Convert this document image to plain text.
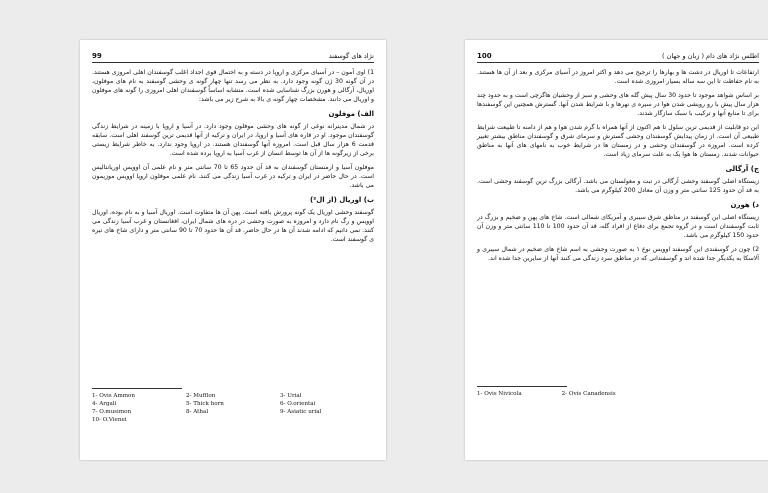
99	نژاد های گوسفند

1) اوی آمون – در آسیای مرکزی و اروپا در دسته و به احتمال قوی اجداد اغلب گوسفندان اهلی امروزی هستند. در آن گونه 30 ژن گونه وجود دارد. به نظر می رسد تنها چهار گونه ی وحشی گوسفند به نام های موفلون، اوریال، آرگالی و هورن بزرگ شناسایی شده است. متشابه اساساً گوسفندان اهلی امروزی را گونه های موفلون و اوریال می دانند. مشخصات چهار گونه ی بالا به شرح زیر می باشد:

الف) موفلون

در شمال مدیترانه نوعی از گونه های وحشی موفلون وجود دارد. در آسیا و اروپا با زمینه در شرایط زندگی گوسفندان موجود. او در قاره های آسیا و اروپا، در ایران و ترکیه از آنها قدیمی ترین گوسفند اهلی است. سابقه قدمت 6 هزار سال قبل است. امروزه آنها گوسفندان هستند. در اروپا وجود ندارد. به خاطر شرایط زیستی برخی از زیرگونه ها از آن ها توسط انسان از غرب آسیا به اروپا برده شده است.

موفلون آسیا و ارمنستان گوسفندان به قد آن حدود 65 تا 70 سانتی متر و نام علمی آن اوویس اوریانتالیس است. در حال حاضر در ایران و ترکیه در غرب آسیا زندگی می کنند. نام علمی موفلون اروپا اوویس موزیمون می باشد.

ب) اوریال (از ال²)

گوسفند وحشی اوریال یک گونه پرورش یافته است. پهن آن ها متفاوت است. اوریال آسیا و به نام بوده، اوریال اوویس و رگ نام دارد و امروزه به صورت وحشی در دره های شمال ایران، افغانستان و غرب آسیا زندگی می کنند. نمی دانیم که ادامه شدند آن ها در حال حاضر. قد آن ها حدود 70 تا 90 سانتی متر و دارای شاخ های تیره ی گوسفند است.

1- Ovis Ammon	2- Mufflon	3- Urial
4- Argali	5- Thick horn	6- O.orientai
7- O.musimon	8- Athal	9- Asiatic urial
10- O.Vienei
100	اطلس نژاد های دام ( زبان و جهان )

ارتفاعات تا اوریال در دشت ها و بهارها را ترجیح می دهد و اکثر امروز در آسیای مرکزی و بعد از آن ها هستند. به نام حفاظت تا این سه ساله بسیار امروزی شده است.

بر اساس شواهد موجود تا حدود 30 سال پیش گله های وحشی و سبز از وحشیان هاگرچی است و به حدود چند هزار سال پیش با رو رویشی شدن هوا در سیره ی نهرها و با شرایط شدن آنها. گسترش همچنین این گوسفندها برای تا منابع آنها و ترکیب با سبک سازگار شدند.

این دو قابلیت از قدیمی ترین سلول تا هم اکنون از آنها همراه با گرم شدن هوا و هم از دامنه تا طبیعت شرایط طبیعی آن است. از زمان پیدایش گوسفندان وحشی گسترش و سرمای شرق و گوسفندان مناطق بیشتر تغییر کرده است. امروزه در گوسفندان وحشی و در زمستان ها در شرایط خوب به نامهای های آنها به مناطق حیوانات شدند. زمستان ها هوا یک به علت سرمای زیاد است.

ج) آرگالی

زیستگاه اصلی گوسفند وحشی آرگالی در تبت و مغولستان می باشد. آرگالی بزرگ ترین گوسفند وحشی است. به قد آن حدود 125 سانتی متر و وزن آن معادل 200 کیلوگرم می باشد.

د) هورن

زیستگاه اصلی این گوسفند در مناطق شرق سیبری و آمریکای شمالی است. شاخ های پهن و ضخیم و بزرگ در ثابت گوسفندان است و در گروه تجمع برای دفاع از افراد گله، قد آن حدود 100 تا 110 سانتی متر و وزن آن حدود 150 کیلوگرم می باشد.

2) چون در گوسفندی این گوسفند اوویس نوع ۱ به صورت وحشی به اسم شاخ های ضخیم در شمال سیبری و آلاسکا به یکدیگر جدا شده اند و گوسفندانی که در مناطق سرد زندگی می کنند آنها از سایرین جدا شده اند.

1- Ovis Nivicola	2- Ovis Canadensis
